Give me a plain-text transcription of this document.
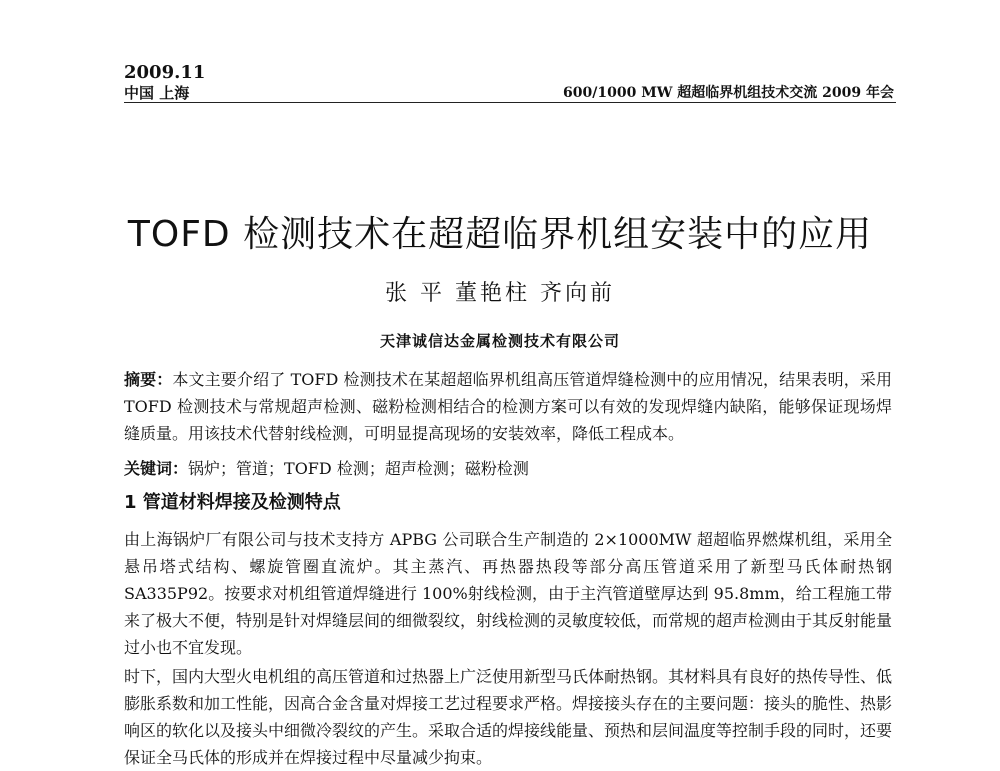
2009.11
中国 上海	600/1000 MW 超超临界机组技术交流 2009 年会
TOFD 检测技术在超超临界机组安装中的应用
张 平 董艳柱 齐向前
天津诚信达金属检测技术有限公司
摘要：本文主要介绍了 TOFD 检测技术在某超超临界机组高压管道焊缝检测中的应用情况，结果表明，采用 TOFD 检测技术与常规超声检测、磁粉检测相结合的检测方案可以有效的发现焊缝内缺陷，能够保证现场焊缝质量。用该技术代替射线检测，可明显提高现场的安装效率，降低工程成本。
关键词：锅炉；管道；TOFD 检测；超声检测；磁粉检测
1 管道材料焊接及检测特点
由上海锅炉厂有限公司与技术支持方 APBG 公司联合生产制造的 2×1000MW 超超临界燃煤机组，采用全悬吊塔式结构、螺旋管圈直流炉。其主蒸汽、再热器热段等部分高压管道采用了新型马氏体耐热钢 SA335P92。按要求对机组管道焊缝进行 100%射线检测，由于主汽管道壁厚达到 95.8mm，给工程施工带来了极大不便，特别是针对焊缝层间的细微裂纹，射线检测的灵敏度较低，而常规的超声检测由于其反射能量过小也不宜发现。
时下，国内大型火电机组的高压管道和过热器上广泛使用新型马氏体耐热钢。其材料具有良好的热传导性、低膨胀系数和加工性能，因高合金含量对焊接工艺过程要求严格。焊接接头存在的主要问题：接头的脆性、热影响区的软化以及接头中细微冷裂纹的产生。采取合适的焊接线能量、预热和层间温度等控制手段的同时，还要保证全马氏体的形成并在焊接过程中尽量减少拘束。
